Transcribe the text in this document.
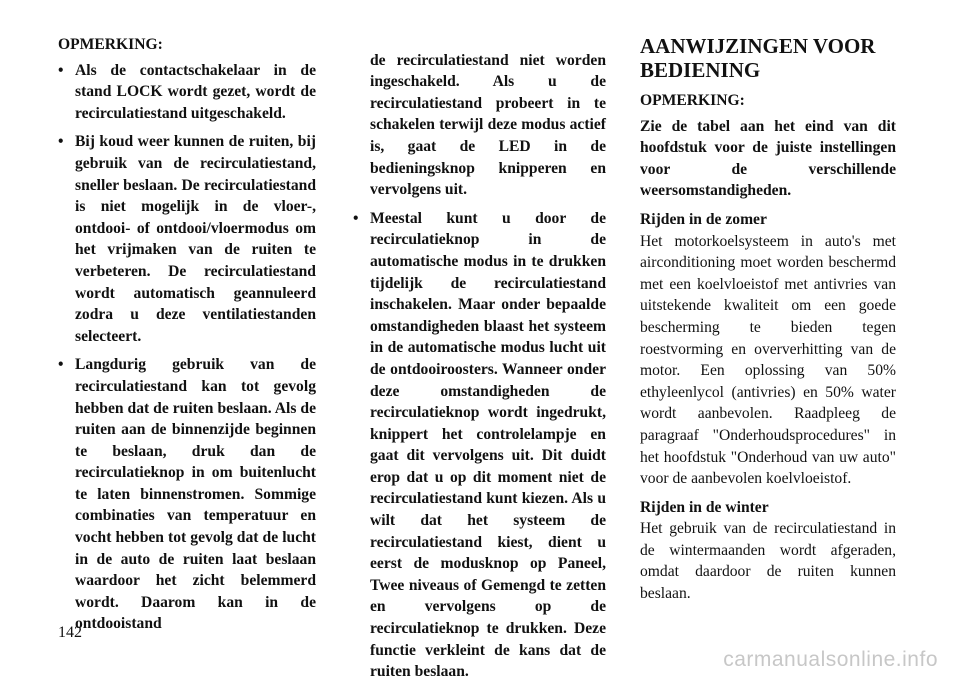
OPMERKING:

• Als de contactschakelaar in de stand LOCK wordt gezet, wordt de recirculatiestand uitgeschakeld.
• Bij koud weer kunnen de ruiten, bij gebruik van de recirculatiestand, sneller beslaan. De recirculatiestand is niet mogelijk in de vloer-, ontdooi- of ontdooi/vloermodus om het vrijmaken van de ruiten te verbeteren. De recirculatiestand wordt automatisch geannuleerd zodra u deze ventilatiestanden selecteert.
• Langdurig gebruik van de recirculatiestand kan tot gevolg hebben dat de ruiten beslaan. Als de ruiten aan de binnenzijde beginnen te beslaan, druk dan de recirculatieknop in om buitenlucht te laten binnenstromen. Sommige combinaties van temperatuur en vocht hebben tot gevolg dat de lucht in de auto de ruiten laat beslaan waardoor het zicht belemmerd wordt. Daarom kan in de ontdooistand

de recirculatiestand niet worden ingeschakeld. Als u de recirculatiestand probeert in te schakelen terwijl deze modus actief is, gaat de LED in de bedieningsknop knipperen en vervolgens uit.

• Meestal kunt u door de recirculatieknop in de automatische modus in te drukken tijdelijk de recirculatiestand inschakelen. Maar onder bepaalde omstandigheden blaast het systeem in de automatische modus lucht uit de ontdooiroosters. Wanneer onder deze omstandigheden de recirculatieknop wordt ingedrukt, knippert het controlelampje en gaat dit vervolgens uit. Dit duidt erop dat u op dit moment niet de recirculatiestand kunt kiezen. Als u wilt dat het systeem de recirculatiestand kiest, dient u eerst de modusknop op Paneel, Twee niveaus of Gemengd te zetten en vervolgens op de recirculatieknop te drukken. Deze functie verkleint de kans dat de ruiten beslaan.
AANWIJZINGEN VOOR BEDIENING

OPMERKING:

Zie de tabel aan het eind van dit hoofdstuk voor de juiste instellingen voor de verschillende weersomstandigheden.

Rijden in de zomer

Het motorkoelsysteem in auto's met airconditioning moet worden beschermd met een koelvloeistof met antivries van uitstekende kwaliteit om een goede bescherming te bieden tegen roestvorming en oververhitting van de motor. Een oplossing van 50% ethyleenlycol (antivries) en 50% water wordt aanbevolen. Raadpleeg de paragraaf "Onderhoudsprocedures" in het hoofdstuk "Onderhoud van uw auto" voor de aanbevolen koelvloeistof.

Rijden in de winter

Het gebruik van de recirculatiestand in de wintermaanden wordt afgeraden, omdat daardoor de ruiten kunnen beslaan.

142
carmanualsonline.info
